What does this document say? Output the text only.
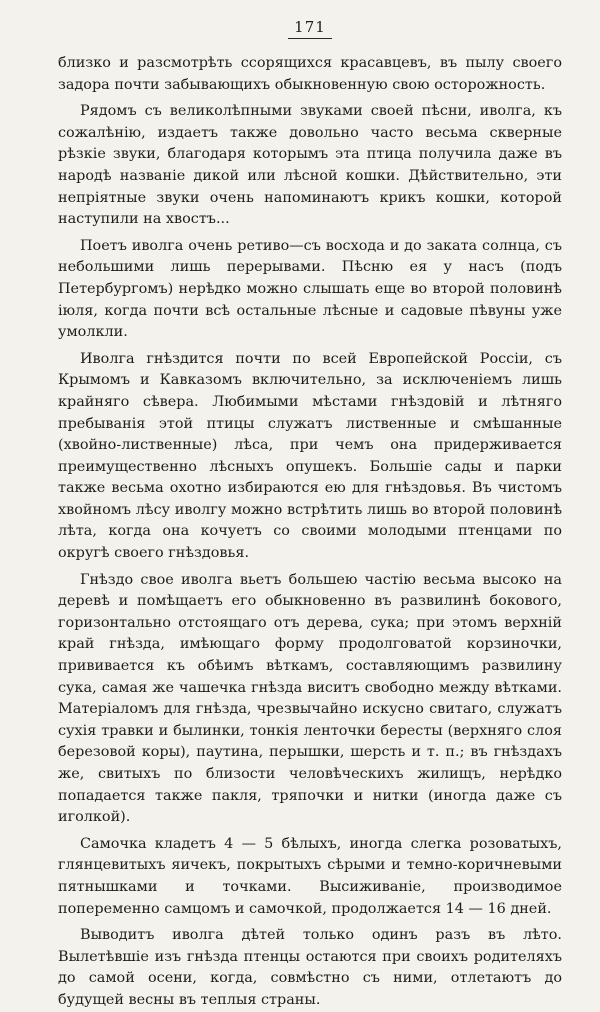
171

близко и разсмотрѣть ссорящихся красавцевъ, въ пылу своего задора почти забывающихъ обыкновенную свою осторожность.

Рядомъ съ великолѣпными звуками своей пѣсни, иволга, къ сожалѣнію, издаетъ также довольно часто весьма скверные рѣзкіе звуки, благодаря которымъ эта птица получила даже въ народѣ названіе дикой или лѣсной кошки. Дѣйствительно, эти непріятные звуки очень напоминаютъ крикъ кошки, которой наступили на хвостъ...

Поетъ иволга очень ретиво—съ восхода и до заката солнца, съ небольшими лишь перерывами. Пѣсню ея у насъ (подъ Петербургомъ) нерѣдко можно слышать еще во второй половинѣ іюля, когда почти всѣ остальные лѣсные и садовые пѣвуны уже умолкли.

Иволга гнѣздится почти по всей Европейской Россіи, съ Крымомъ и Кавказомъ включительно, за исключеніемъ лишь крайняго сѣвера. Любимыми мѣстами гнѣздовій и лѣтняго пребыванія этой птицы служатъ лиственные и смѣшанные (хвойно-лиственные) лѣса, при чемъ она придерживается преимущественно лѣсныхъ опушекъ. Большіе сады и парки также весьма охотно избираются ею для гнѣздовья. Въ чистомъ хвойномъ лѣсу иволгу можно встрѣтить лишь во второй половинѣ лѣта, когда она кочуетъ со своими молодыми птенцами по округѣ своего гнѣздовья.

Гнѣздо свое иволга вьетъ большею частію весьма высоко на деревѣ и помѣщаетъ его обыкновенно въ развилинѣ бокового, горизонтально отстоящаго отъ дерева, сука; при этомъ верхній край гнѣзда, имѣющаго форму продолговатой корзиночки, прививается къ обѣимъ вѣткамъ, составляющимъ развилину сука, самая же чашечка гнѣзда виситъ свободно между вѣтками. Матеріаломъ для гнѣзда, чрезвычайно искусно свитаго, служатъ сухія травки и былинки, тонкія ленточки бересты (верхняго слоя березовой коры), паутина, перышки, шерсть и т. п.; въ гнѣздахъ же, свитыхъ по близости человѣческихъ жилищъ, нерѣдко попадается также пакля, тряпочки и нитки (иногда даже съ иголкой).

Самочка кладетъ 4 — 5 бѣлыхъ, иногда слегка розоватыхъ, глянцевитыхъ яичекъ, покрытыхъ сѣрыми и темно-коричневыми пятнышками и точками. Высиживаніе, производимое попеременно самцомъ и самочкой, продолжается 14 — 16 дней.

Выводитъ иволга дѣтей только одинъ разъ въ лѣто. Вылетѣвшіе изъ гнѣзда птенцы остаются при своихъ родителяхъ до самой осени, когда, совмѣстно съ ними, отлетаютъ до будущей весны въ теплыя страны.
